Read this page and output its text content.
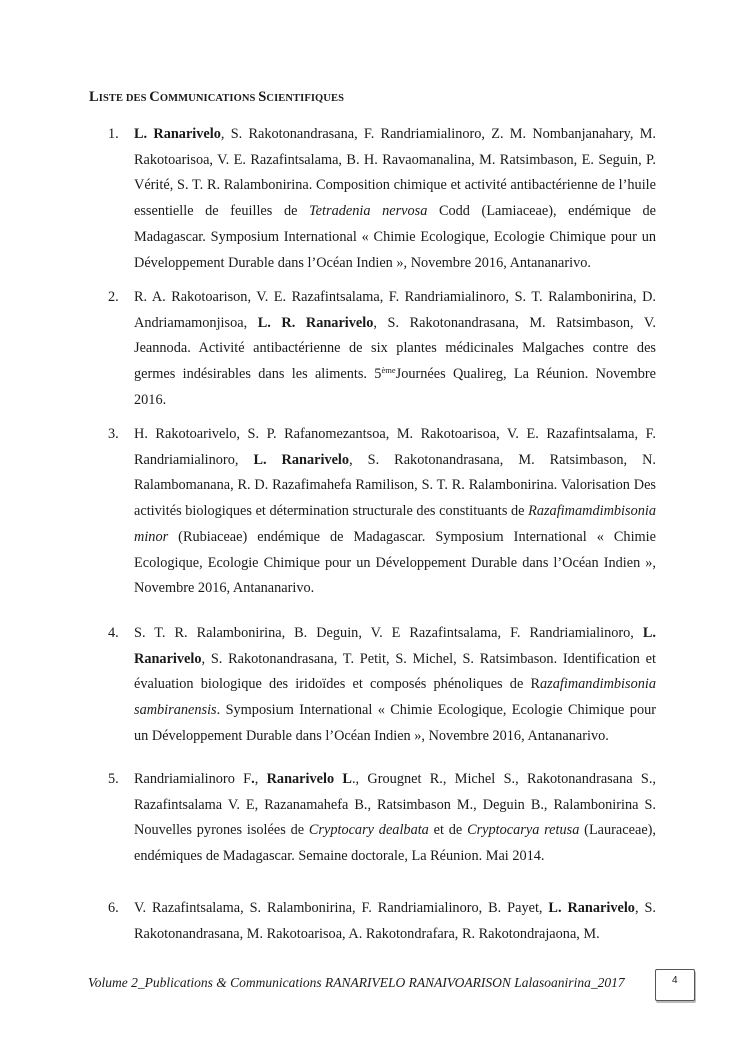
LISTE DES COMMUNICATIONS SCIENTIFIQUES
1.	L. Ranarivelo, S. Rakotonandrasana, F. Randriamialinoro, Z. M. Nombanjanahary, M. Rakotoarisoa, V. E. Razafintsalama, B. H. Ravaomanalina, M. Ratsimbason, E. Seguin, P. Vérité, S. T. R. Ralambonirina. Composition chimique et activité antibactérienne de l’huile essentielle de feuilles de Tetradenia nervosa Codd (Lamiaceae), endémique de Madagascar. Symposium International « Chimie Ecologique, Ecologie Chimique pour un Développement Durable dans l’Océan Indien », Novembre 2016, Antananarivo.
2.	R. A. Rakotoarison, V. E. Razafintsalama, F. Randriamialinoro, S. T. Ralambonirina, D. Andriamamonjisoa, L. R. Ranarivelo, S. Rakotonandrasana, M. Ratsimbason, V. Jeannoda. Activité antibactérienne de six plantes médicinales Malgaches contre des germes indésirables dans les aliments. 5èmeJournées Qualireg, La Réunion. Novembre 2016.
3.	H. Rakotoarivelo, S. P. Rafanomezantsoa, M. Rakotoarisoa, V. E. Razafintsalama, F. Randriamialinoro, L. Ranarivelo, S. Rakotonandrasana, M. Ratsimbason, N. Ralambomanana, R. D. Razafimahefa Ramilison, S. T. R. Ralambonirina. Valorisation Des activités biologiques et détermination structurale des constituants de Razafimamdimbisonia minor (Rubiaceae) endémique de Madagascar. Symposium International « Chimie Ecologique, Ecologie Chimique pour un Développement Durable dans l’Océan Indien », Novembre 2016, Antananarivo.
4.	S. T. R. Ralambonirina, B. Deguin, V. E Razafintsalama, F. Randriamialinoro, L. Ranarivelo, S. Rakotonandrasana, T. Petit, S. Michel, S. Ratsimbason. Identification et évaluation biologique des iridoïdes et composés phénoliques de Razafimandimbisonia sambiranensis. Symposium International « Chimie Ecologique, Ecologie Chimique pour un Développement Durable dans l’Océan Indien », Novembre 2016, Antananarivo.
5.	Randriamialinoro F., Ranarivelo L., Grougnet R., Michel S., Rakotonandrasana S., Razafintsalama V. E, Razanamahefa B., Ratsimbason M., Deguin B., Ralambonirina S. Nouvelles pyrones isolées de Cryptocary dealbata et de Cryptocarya retusa (Lauraceae), endémiques de Madagascar. Semaine doctorale, La Réunion. Mai 2014.
6.	V. Razafintsalama, S. Ralambonirina, F. Randriamialinoro, B. Payet, L. Ranarivelo, S. Rakotonandrasana, M. Rakotoarisoa, A. Rakotondrafara, R. Rakotondrajaona, M.
Volume 2_Publications & Communications RANARIVELO RANAIVOARISON Lalasoanirina_2017	4
